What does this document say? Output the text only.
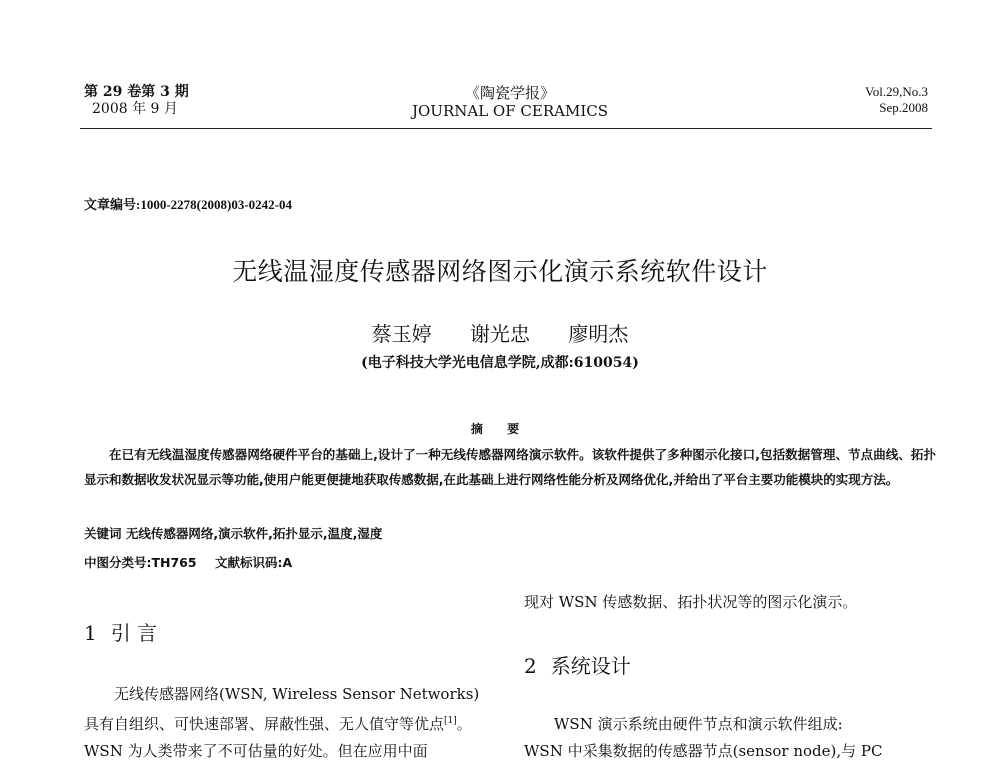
第 29 卷第 3 期
2008 年 9 月
《陶瓷学报》
JOURNAL OF CERAMICS
Vol.29,No.3
Sep.2008
文章编号:1000-2278(2008)03-0242-04
无线温湿度传感器网络图示化演示系统软件设计
蔡玉婷 谢光忠 廖明杰
(电子科技大学光电信息学院,成都:610054)
摘 要

在已有无线温湿度传感器网络硬件平台的基础上,设计了一种无线传感器网络演示软件。该软件提供了多种图示化接口,包括数据管理、节点曲线、拓扑显示和数据收发状况显示等功能,使用户能更便捷地获取传感数据,在此基础上进行网络性能分析及网络优化,并给出了平台主要功能模块的实现方法。

关键词 无线传感器网络,演示软件,拓扑显示,温度,湿度
中图分类号:TH765 文献标识码:A
1 引 言

无线传感器网络(WSN, Wireless Sensor Networks)

具有自组织、可快速部署、屏蔽性强、无人值守等优点[1]。
WSN 为人类带来了不可估量的好处。但在应用中面
现对 WSN 传感数据、拓扑状况等的图示化演示。
2 系统设计

WSN 演示系统由硬件节点和演示软件组成:

WSN 中采集数据的传感器节点(sensor node),与 PC
